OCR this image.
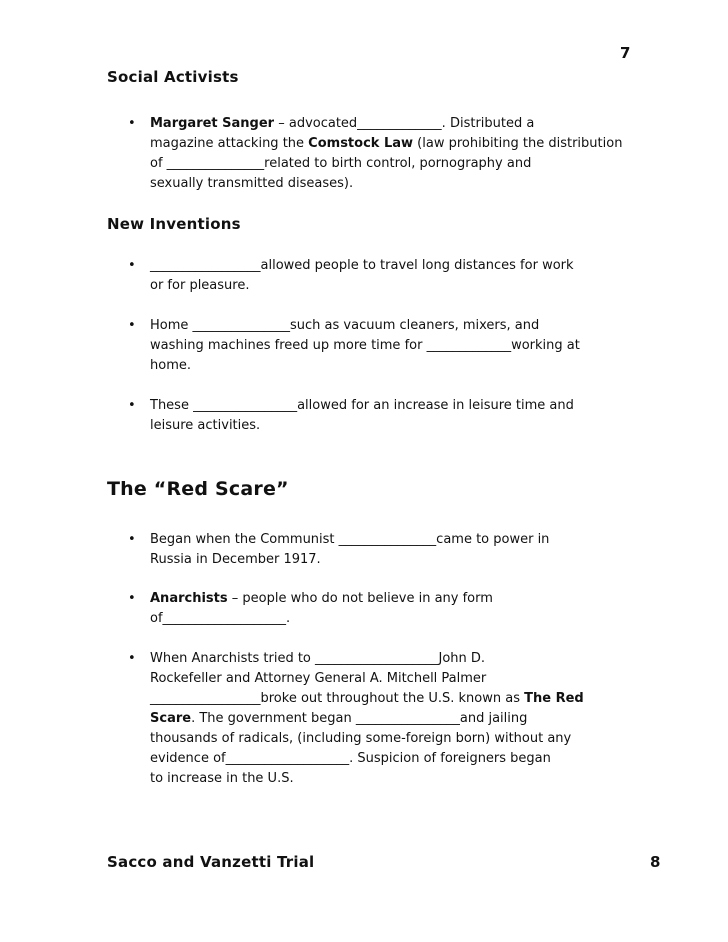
7
Social Activists
• Margaret Sanger – advocated_____________. Distributed a
magazine attacking the Comstock Law (law prohibiting the distribution
of _______________related to birth control, pornography and
sexually transmitted diseases).
New Inventions
• _________________allowed people to travel long distances for work
or for pleasure.
• Home _______________such as vacuum cleaners, mixers, and
washing machines freed up more time for _____________working at
home.
• These ________________allowed for an increase in leisure time and
leisure activities.
The “Red Scare”
• Began when the Communist _______________came to power in
Russia in December 1917.
• Anarchists – people who do not believe in any form
of___________________.
• When Anarchists tried to ___________________John D.
Rockefeller and Attorney General A. Mitchell Palmer
_________________broke out throughout the U.S. known as The Red
Scare. The government began ________________and jailing
thousands of radicals, (including some-foreign born) without any
evidence of___________________. Suspicion of foreigners began
to increase in the U.S.
Sacco and Vanzetti Trial	8
